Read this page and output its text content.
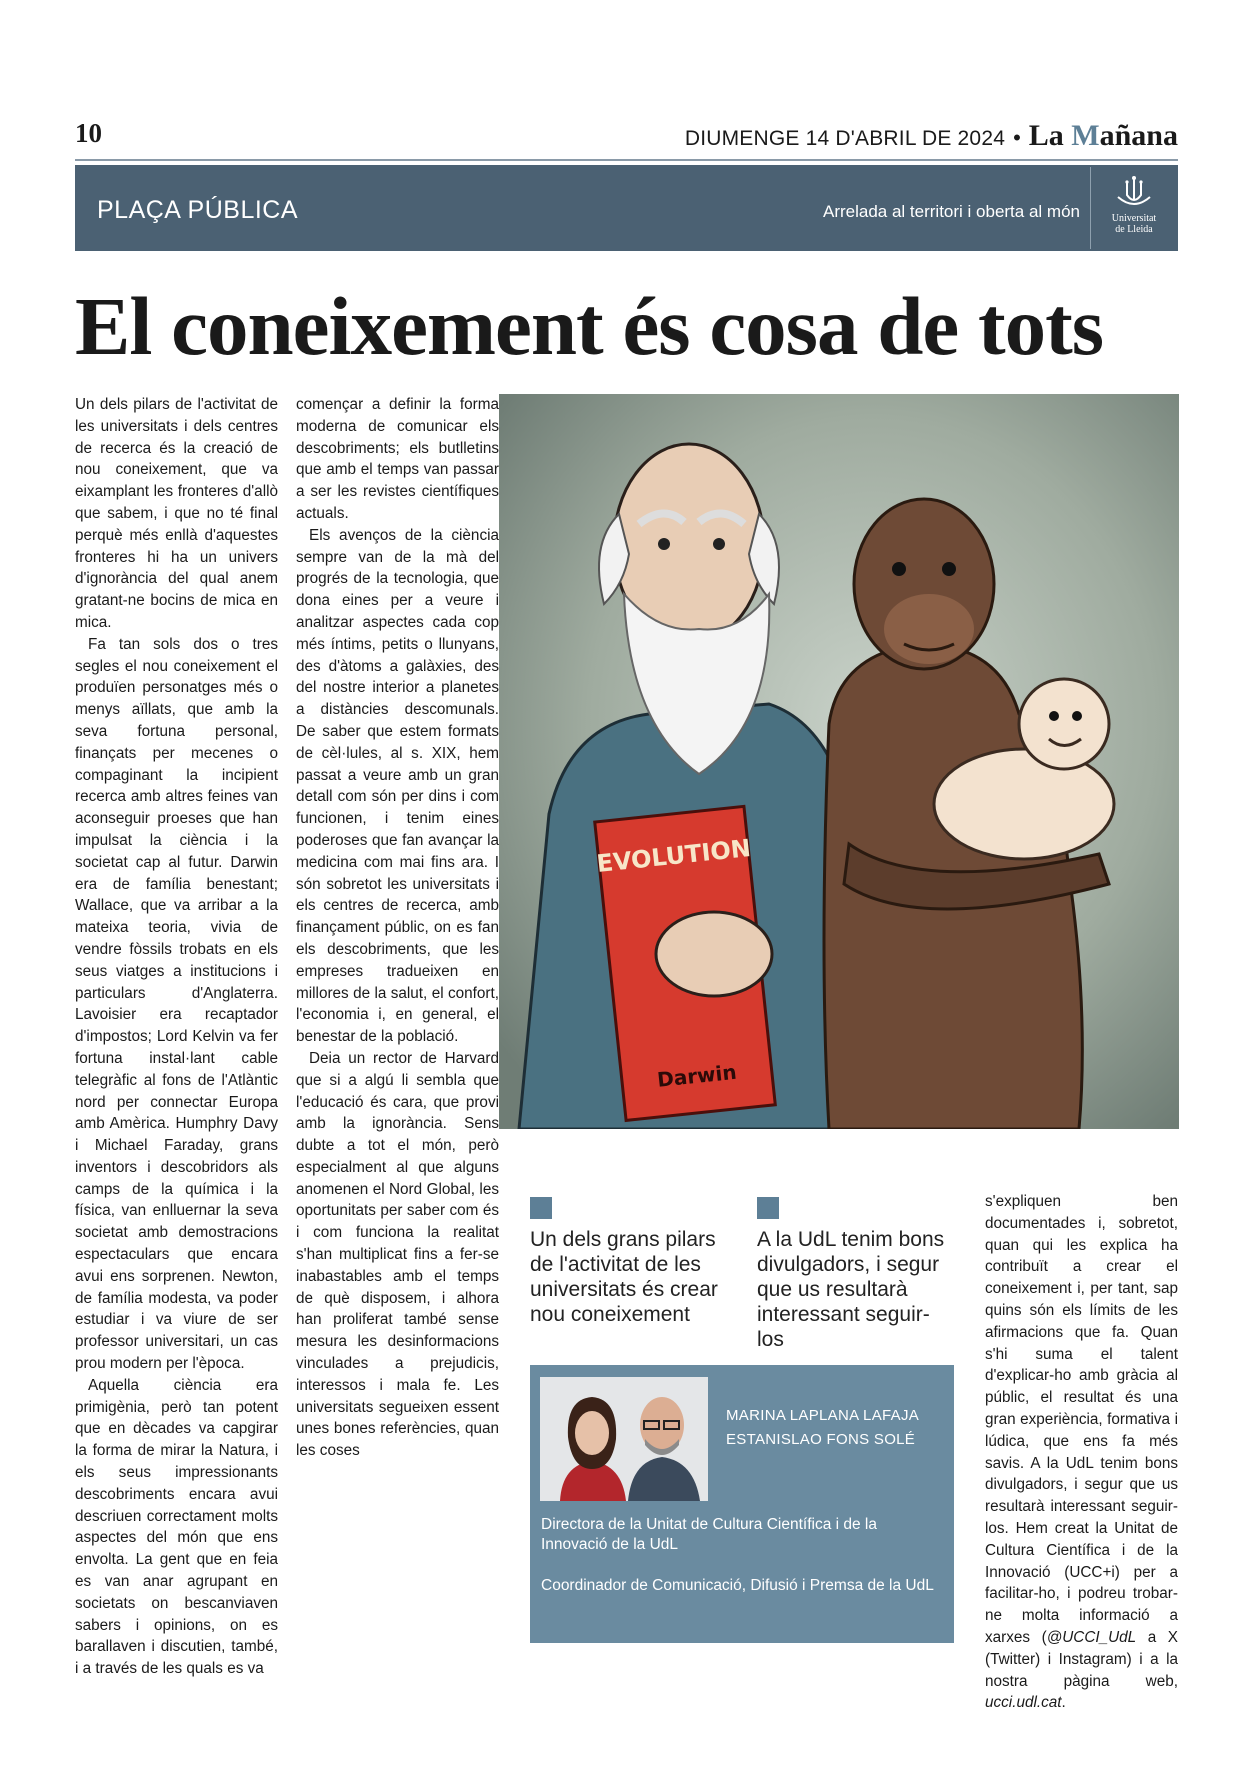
10	DIUMENGE 14 D'ABRIL DE 2024 • La Mañana
PLAÇA PÚBLICA	Arrelada al territori i oberta al món	Universitat
de Lleida
El coneixement és cosa de tots

Un dels pilars de l'activitat de les universitats i dels centres de recerca és la creació de nou coneixement, que va eixamplant les fronteres d'allò que sabem, i que no té final perquè més enllà d'aquestes fronteres hi ha un univers d'ignorància del qual anem gratant-ne bocins de mica en mica.

Fa tan sols dos o tres segles el nou coneixement el produïen personatges més o menys aïllats, que amb la seva fortuna personal, finançats per mecenes o compaginant la incipient recerca amb altres feines van aconseguir proeses que han impulsat la ciència i la societat cap al futur. Darwin era de família benestant; Wallace, que va arribar a la mateixa teoria, vivia de vendre fòssils trobats en els seus viatges a institucions i particulars d'Anglaterra. Lavoisier era recaptador d'impostos; Lord Kelvin va fer fortuna instal·lant cable telegràfic al fons de l'Atlàntic nord per connectar Europa amb Amèrica. Humphry Davy i Michael Faraday, grans inventors i descobridors als camps de la química i la física, van enlluernar la seva societat amb demostracions espectaculars que encara avui ens sorprenen. Newton, de família modesta, va poder estudiar i va viure de ser professor universitari, un cas prou modern per l'època.

Aquella ciència era primigènia, però tan potent que en dècades va capgirar la forma de mirar la Natura, i els seus impressionants descobriments encara avui descriuen correctament molts aspectes del món que ens envolta. La gent que en feia es van anar agrupant en societats on bescanviaven sabers i opinions, on es barallaven i discutien, també, i a través de les quals es va

començar a definir la forma moderna de comunicar els descobriments; els butlletins que amb el temps van passar a ser les revistes científiques actuals.

Els avenços de la ciència sempre van de la mà del progrés de la tecnologia, que dona eines per a veure i analitzar aspectes cada cop més íntims, petits o llunyans, des d'àtoms a galàxies, des del nostre interior a planetes a distàncies descomunals. De saber que estem formats de cèl·lules, al s. XIX, hem passat a veure amb un gran detall com són per dins i com funcionen, i tenim eines poderoses que fan avançar la medicina com mai fins ara. I són sobretot les universitats i els centres de recerca, amb finançament públic, on es fan els descobriments, que les empreses tradueixen en millores de la salut, el confort, l'economia i, en general, el benestar de la població.

Deia un rector de Harvard que si a algú li sembla que l'educació és cara, que provi amb la ignorància. Sens dubte a tot el món, però especialment al que alguns anomenen el Nord Global, les oportunitats per saber com és i com funciona la realitat s'han multiplicat fins a fer-se inabastables amb el temps de què disposem, i alhora han proliferat també sense mesura les desinformacions vinculades a prejudicis, interessos i mala fe. Les universitats segueixen essent unes bones referències, quan les coses

EVOLUTION
Darwin
Un dels grans pilars de l'activitat de les universitats és crear nou coneixement
A la UdL tenim bons divulgadors, i segur que us resultarà interessant seguir-los

s'expliquen ben documentades i, sobretot, quan qui les explica ha contribuït a crear el coneixement i, per tant, sap quins són els límits de les afirmacions que fa. Quan s'hi suma el talent d'explicar-ho amb gràcia al públic, el resultat és una gran experiència, formativa i lúdica, que ens fa més savis. A la UdL tenim bons divulgadors, i segur que us resultarà interessant seguir-los. Hem creat la Unitat de Cultura Científica i de la Innovació (UCC+i) per a facilitar-ho, i podreu trobar-ne molta informació a xarxes (@UCCI_UdL a X (Twitter) i Instagram) i a la nostra pàgina web, ucci.udl.cat.

MARINA LAPLANA LAFAJA
ESTANISLAO FONS SOLÉ
Directora de la Unitat de Cultura Científica i de la Innovació de la UdL
Coordinador de Comunicació, Difusió i Premsa de la UdL
